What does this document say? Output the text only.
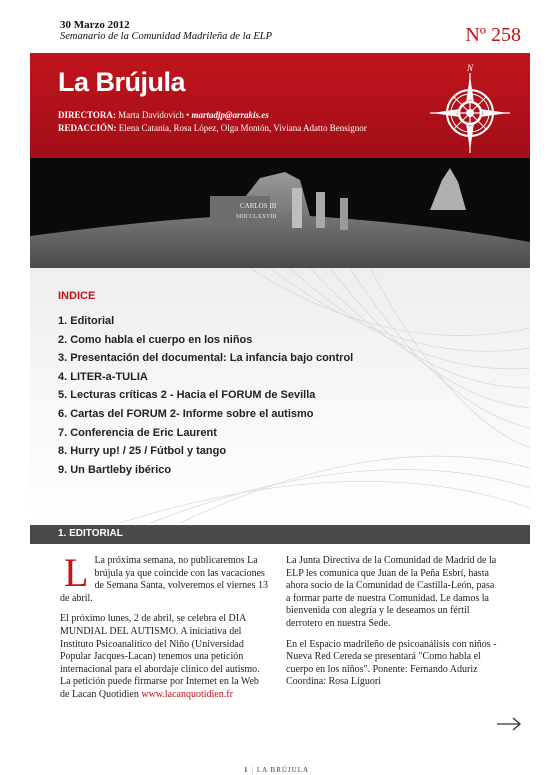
30 Marzo 2012
Semanario de la Comunidad Madrileña de la ELP	Nº 258
La Brújula
DIRECTORA: Marta Davidovich • martadjp@arrakis.es
REDACCIÓN: Elena Catania, Rosa López, Olga Montón, Viviana Adatto Bensignor
N
CARLOS III
MDCCLXXVIII
INDICE
1. Editorial
2. Como habla el cuerpo en los niños
3. Presentación del documental: La infancia bajo control
4. LITER-a-TULIA
5. Lecturas críticas 2 - Hacia el FORUM de Sevilla
6. Cartas del FORUM 2- Informe sobre el autismo
7. Conferencia de Eric Laurent
8. Hurry up! / 25 / Fútbol y tango
9. Un Bartleby ibérico
1. EDITORIAL

L La próxima semana, no publicaremos La brújula ya que coincide con las vacaciones de Semana Santa, volveremos el viernes 13 de abril.

El próximo lunes, 2 de abril, se celebra el DIA MUNDIAL DEL AUTISMO. A iniciativa del Instituto Psicoanalítico del Niño (Universidad Popular Jacques-Lacan) tenemos una petición internacional para el abordaje clínico del autismo. La petición puede firmarse por Internet en la Web de Lacan Quotidien www.lacanquotidien.fr

La Junta Directiva de la Comunidad de Madrid de la ELP les comunica que Juan de la Peña Esbrí, hasta ahora socio de la Comunidad de Castilla-León, pasa a formar parte de nuestra Comunidad. Le damos la bienvenida con alegría y le deseamos un fértil derrotero en nuestra Sede.

En el Espacio madrileño de psicoanálisis con niños - Nueva Red Cereda se presentará "Como habla el cuerpo en los niños". Ponente: Fernando Aduriz Coordina: Rosa Liguori

1 | LA BRÚJULA
